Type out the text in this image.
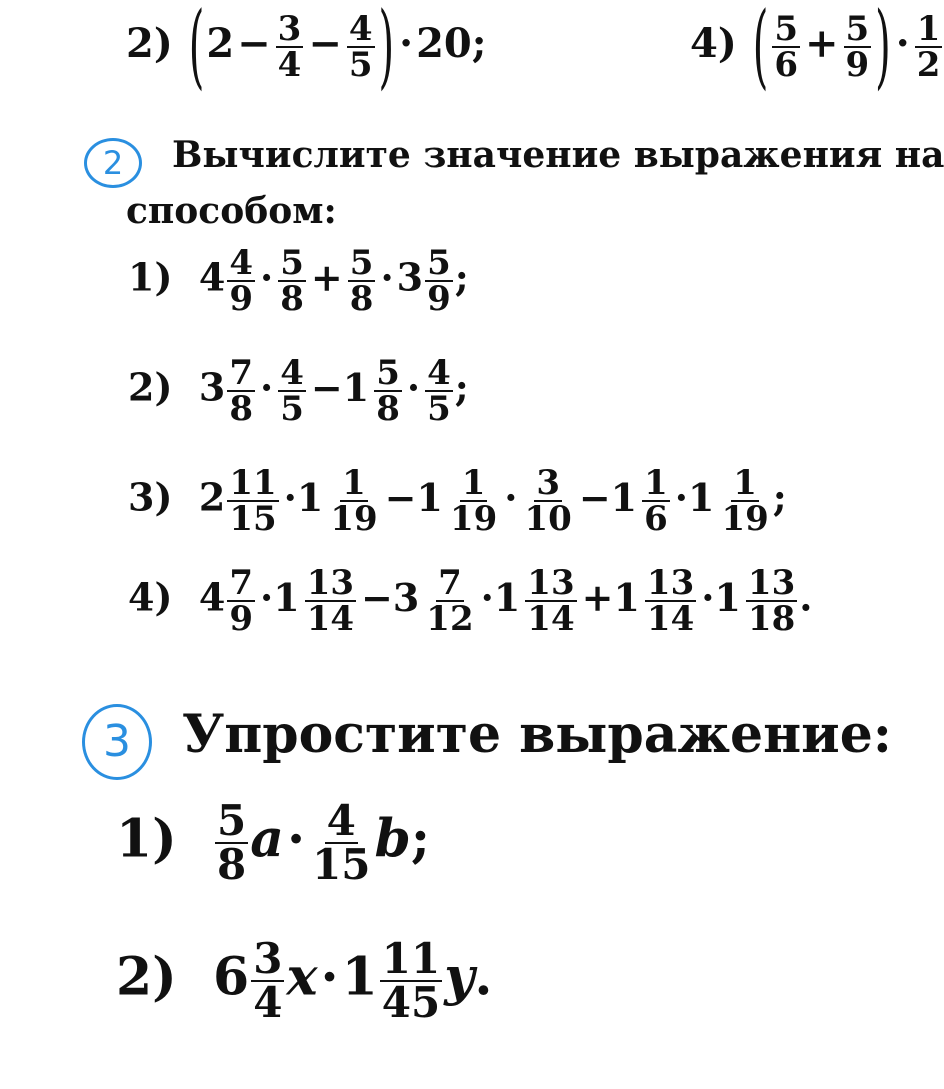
2) ($2- \frac{3}{4} - \frac{4}{5}$ ) ·20;	4) ( $\frac{5}{6} + \frac{5}{9}$ ) · $\frac{1}{2}$
2	Вычислите значение выражения на
способом:
1) $4 \frac{4}{9} \cdot \frac{5}{8} + \frac{5}{8} \cdot 3 \frac{5}{9}$ ;
2) $3 \frac{7}{8} \cdot \frac{4}{5} -1 \frac{5}{8} \cdot \frac{4}{5}$ ;
3) $2 \frac{11}{15} \cdot 1 \frac{1}{19} -1 \frac{1}{19} \cdot \frac{3}{10} -1 \frac{1}{6} \cdot 1 \frac{1}{19}$ ;
4) $4 \frac{7}{9} \cdot 1 \frac{13}{14} -3 \frac{7}{12} \cdot 1 \frac{13}{14} +1 \frac{13}{14} \cdot 1 \frac{13}{18}$ .
3 Упростите выражение:
$1) \frac{5}{8} a\cdot \frac{4}{15} b$;
2) $6 \frac{3}{4} x\cdot 1 \frac{11}{45} y$.
